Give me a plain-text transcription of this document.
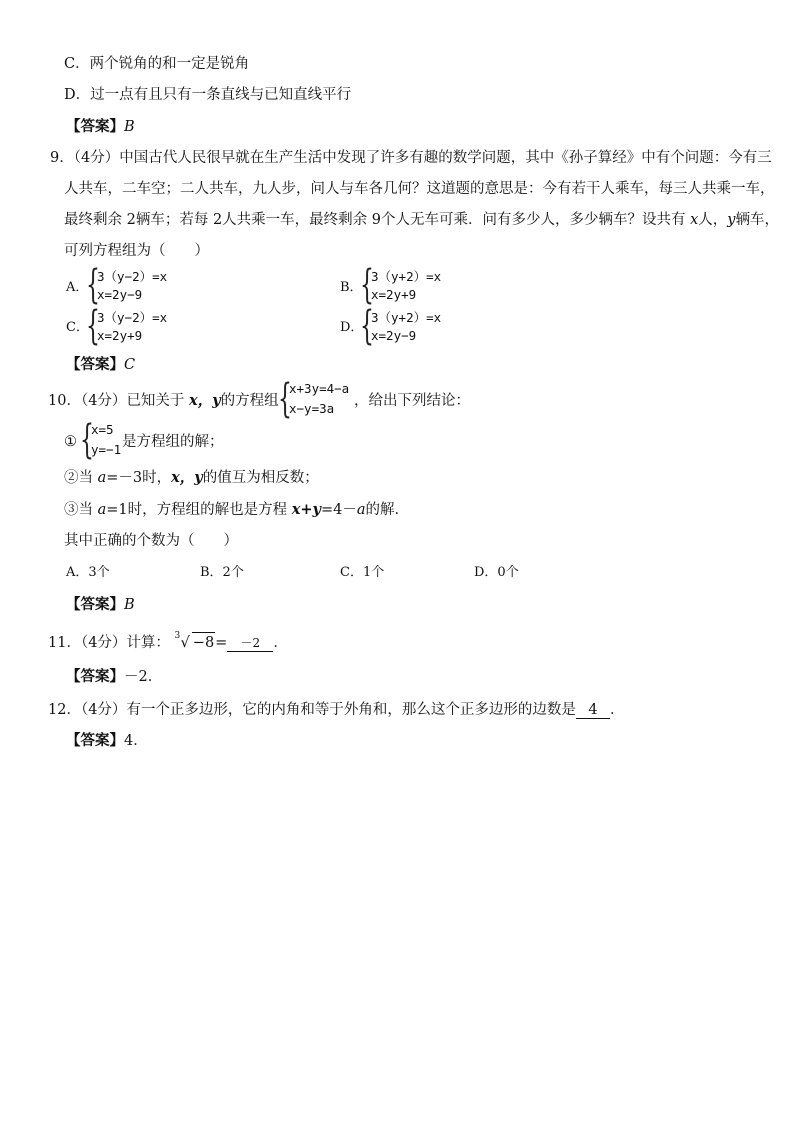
C．两个锐角的和一定是锐角
D．过一点有且只有一条直线与已知直线平行
【答案】B
9．（4分）中国古代人民很早就在生产生活中发现了许多有趣的数学问题，其中《孙子算经》中有个问题：今有三
人共车，二车空；二人共车，九人步，问人与车各几何？这道题的意思是：今有若干人乘车，每三人共乘一车，
最终剩余 2辆车；若每 2人共乘一车，最终剩余 9个人无车可乘．问有多少人，多少辆车？设共有 x人，y辆车，
可列方程组为（　　）
A．
{
3（y−2）=x
x=2y−9	B．
{
3（y+2）=x
x=2y+9
C．
{
3（y−2）=x
x=2y+9
D．
{
3（y+2）=x
x=2y−9
【答案】C
10．（4分）已知关于 x，y的方程组 {
x+3y=4−a
x−y=3a ，给出下列结论：
① {
x=5
y=−1 是方程组的解；
②当 a=－3时，x，y的值互为相反数；
③当 a=1时，方程组的解也是方程 x+y=4－a的解．
其中正确的个数为（　　）
A．3个	B．2个	C．1个	D．0个
【答案】B
11．（4分）计算： 3 √ −8= －2 ．
【答案】－2．
12．（4分）有一个正多边形，它的内角和等于外角和，那么这个正多边形的边数是 4 ．
【答案】4．
